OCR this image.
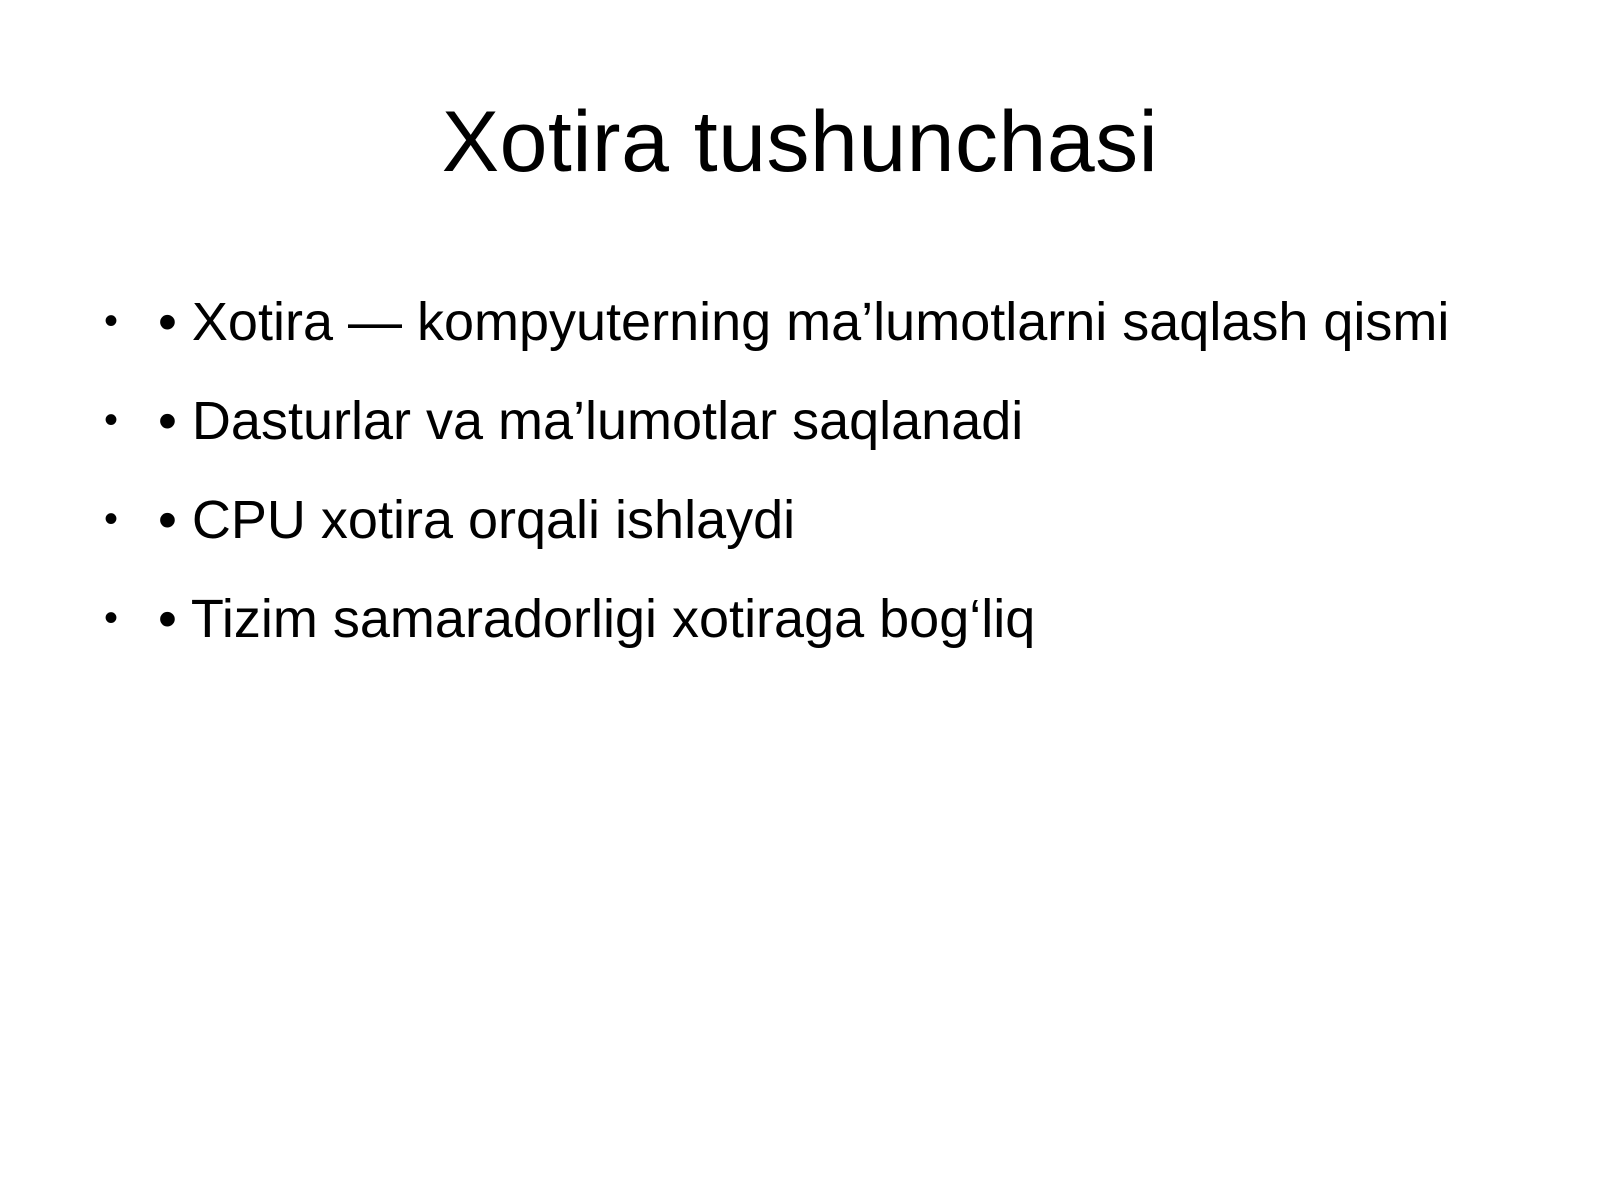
Xotira tushunchasi
• • Xotira — kompyuterning ma’lumotlarni saqlash qismi
• • Dasturlar va ma’lumotlar saqlanadi
• • CPU xotira orqali ishlaydi
• • Tizim samaradorligi xotiraga bog‘liq
